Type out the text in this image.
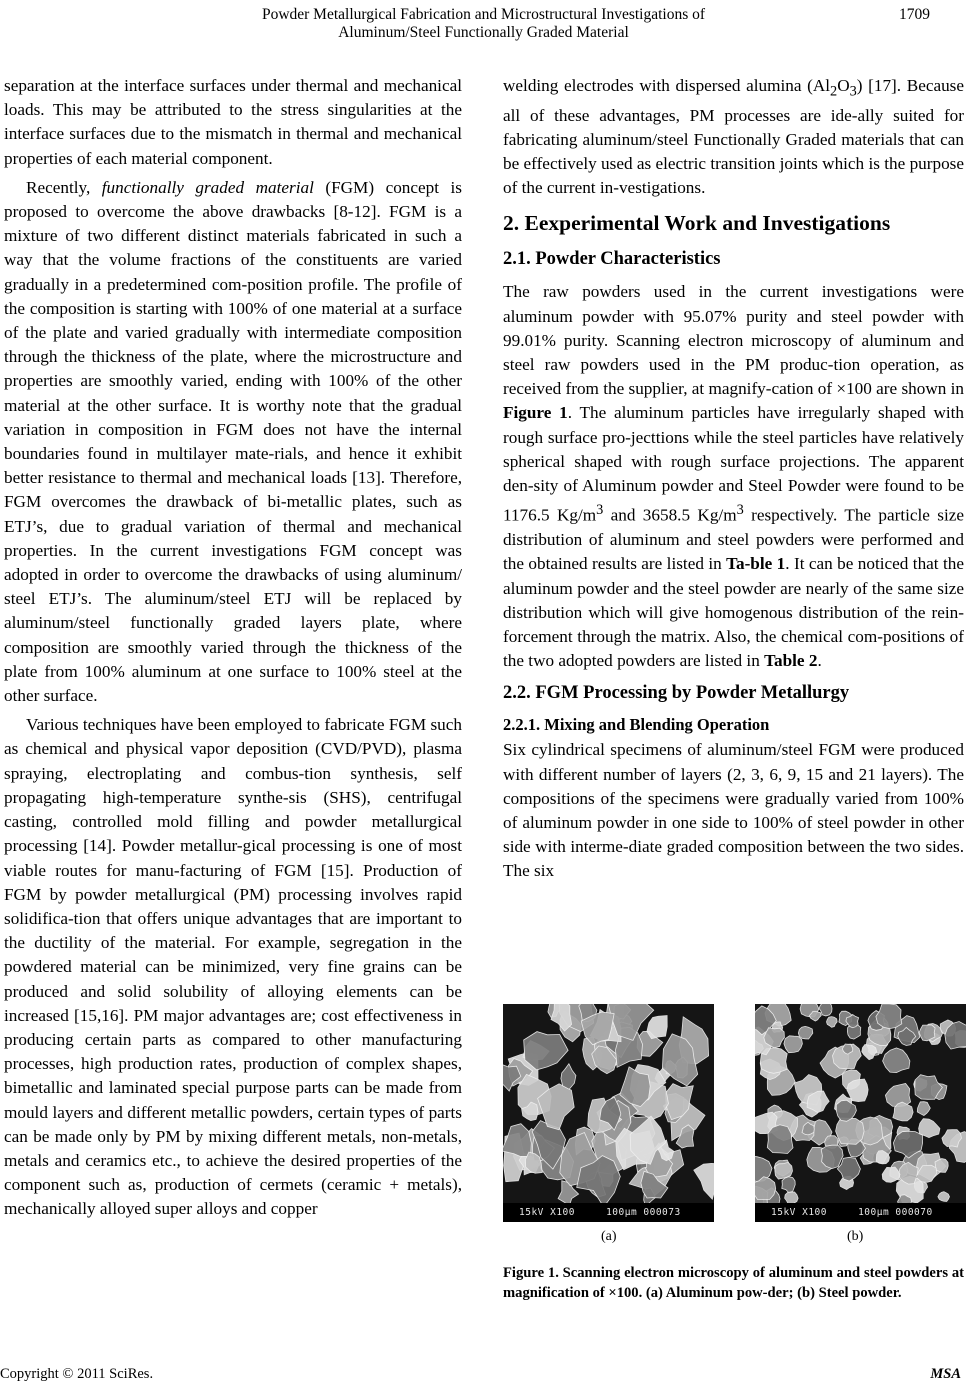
Powder Metallurgical Fabrication and Microstructural Investigations of
Aluminum/Steel Functionally Graded Material
1709

separation at the interface surfaces under thermal and mechanical loads. This may be attributed to the stress singularities at the interface surfaces due to the mismatch in thermal and mechanical properties of each material component.

Recently, functionally graded material (FGM) concept is proposed to overcome the above drawbacks [8-12]. FGM is a mixture of two different distinct materials fabricated in such a way that the volume fractions of the constituents are varied gradually in a predetermined com-position profile. The profile of the composition is starting with 100% of one material at a surface of the plate and varied gradually with intermediate composition through the thickness of the plate, where the microstructure and properties are smoothly varied, ending with 100% of the other material at the other surface. It is worthy note that the gradual variation in composition in FGM does not have the internal boundaries found in multilayer mate-rials, and hence it exhibit better resistance to thermal and mechanical loads [13]. Therefore, FGM overcomes the drawback of bi-metallic plates, such as ETJ’s, due to gradual variation of thermal and mechanical properties. In the current investigations FGM concept was adopted in order to overcome the drawbacks of using aluminum/ steel ETJ’s. The aluminum/steel ETJ will be replaced by aluminum/steel functionally graded layers plate, where composition are smoothly varied through the thickness of the plate from 100% aluminum at one surface to 100% steel at the other surface.

Various techniques have been employed to fabricate FGM such as chemical and physical vapor deposition (CVD/PVD), plasma spraying, electroplating and combus-tion synthesis, self propagating high-temperature synthe-sis (SHS), centrifugal casting, controlled mold filling and powder metallurgical processing [14]. Powder metallur-gical processing is one of most viable routes for manu-facturing of FGM [15]. Production of FGM by powder metallurgical (PM) processing involves rapid solidifica-tion that offers unique advantages that are important to the ductility of the material. For example, segregation in the powdered material can be minimized, very fine grains can be produced and solid solubility of alloying elements can be increased [15,16]. PM major advantages are; cost effectiveness in producing certain parts as compared to other manufacturing processes, high production rates, production of complex shapes, bimetallic and laminated special purpose parts can be made from mould layers and different metallic powders, certain types of parts can be made only by PM by mixing different metals, non-metals, metals and ceramics etc., to achieve the desired properties of the component such as, production of cermets (ceramic + metals), mechanically alloyed super alloys and copper

welding electrodes with dispersed alumina $(Al_2O_3)$ [17]. Because all of these advantages, PM processes are ide-ally suited for fabricating aluminum/steel Functionally Graded materials that can be effectively used as electric transition joints which is the purpose of the current in-vestigations.

2. Eexperimental Work and Investigations
2.1. Powder Characteristics

The raw powders used in the current investigations were aluminum powder with 95.07% purity and steel powder with 99.01% purity. Scanning electron microscopy of aluminum and steel raw powders used in the PM produc-tion operation, as received from the supplier, at magnify-cation of ×100 are shown in Figure 1. The aluminum particles have irregularly shaped with rough surface pro-jecttions while the steel particles have relatively spherical shaped with rough surface projections. The apparent den-sity of Aluminum powder and Steel Powder were found to be 1176.5 $Kg/m^3$ and 3658.5 $Kg/m^3$ respectively. The particle size distribution of aluminum and steel powders were performed and the obtained results are listed in Ta-ble 1. It can be noticed that the aluminum powder and the steel powder are nearly of the same size distribution which will give homogenous distribution of the rein-forcement through the matrix. Also, the chemical com-positions of the two adopted powders are listed in Table 2.

2.2. FGM Processing by Powder Metallurgy
2.2.1. Mixing and Blending Operation

Six cylindrical specimens of aluminum/steel FGM were produced with different number of layers (2, 3, 6, 9, 15 and 21 layers). The compositions of the specimens were gradually varied from 100% of aluminum powder in one side to 100% of steel powder in other side with interme-diate graded composition between the two sides. The six

15kV X100     100μm 000073	15kV X100     100μm 000070
(a)	(b)
Figure 1. Scanning electron microscopy of aluminum and steel powders at magnification of ×100. (a) Aluminum pow-der; (b) Steel powder.
Copyright © 2011 SciRes.	MSA
